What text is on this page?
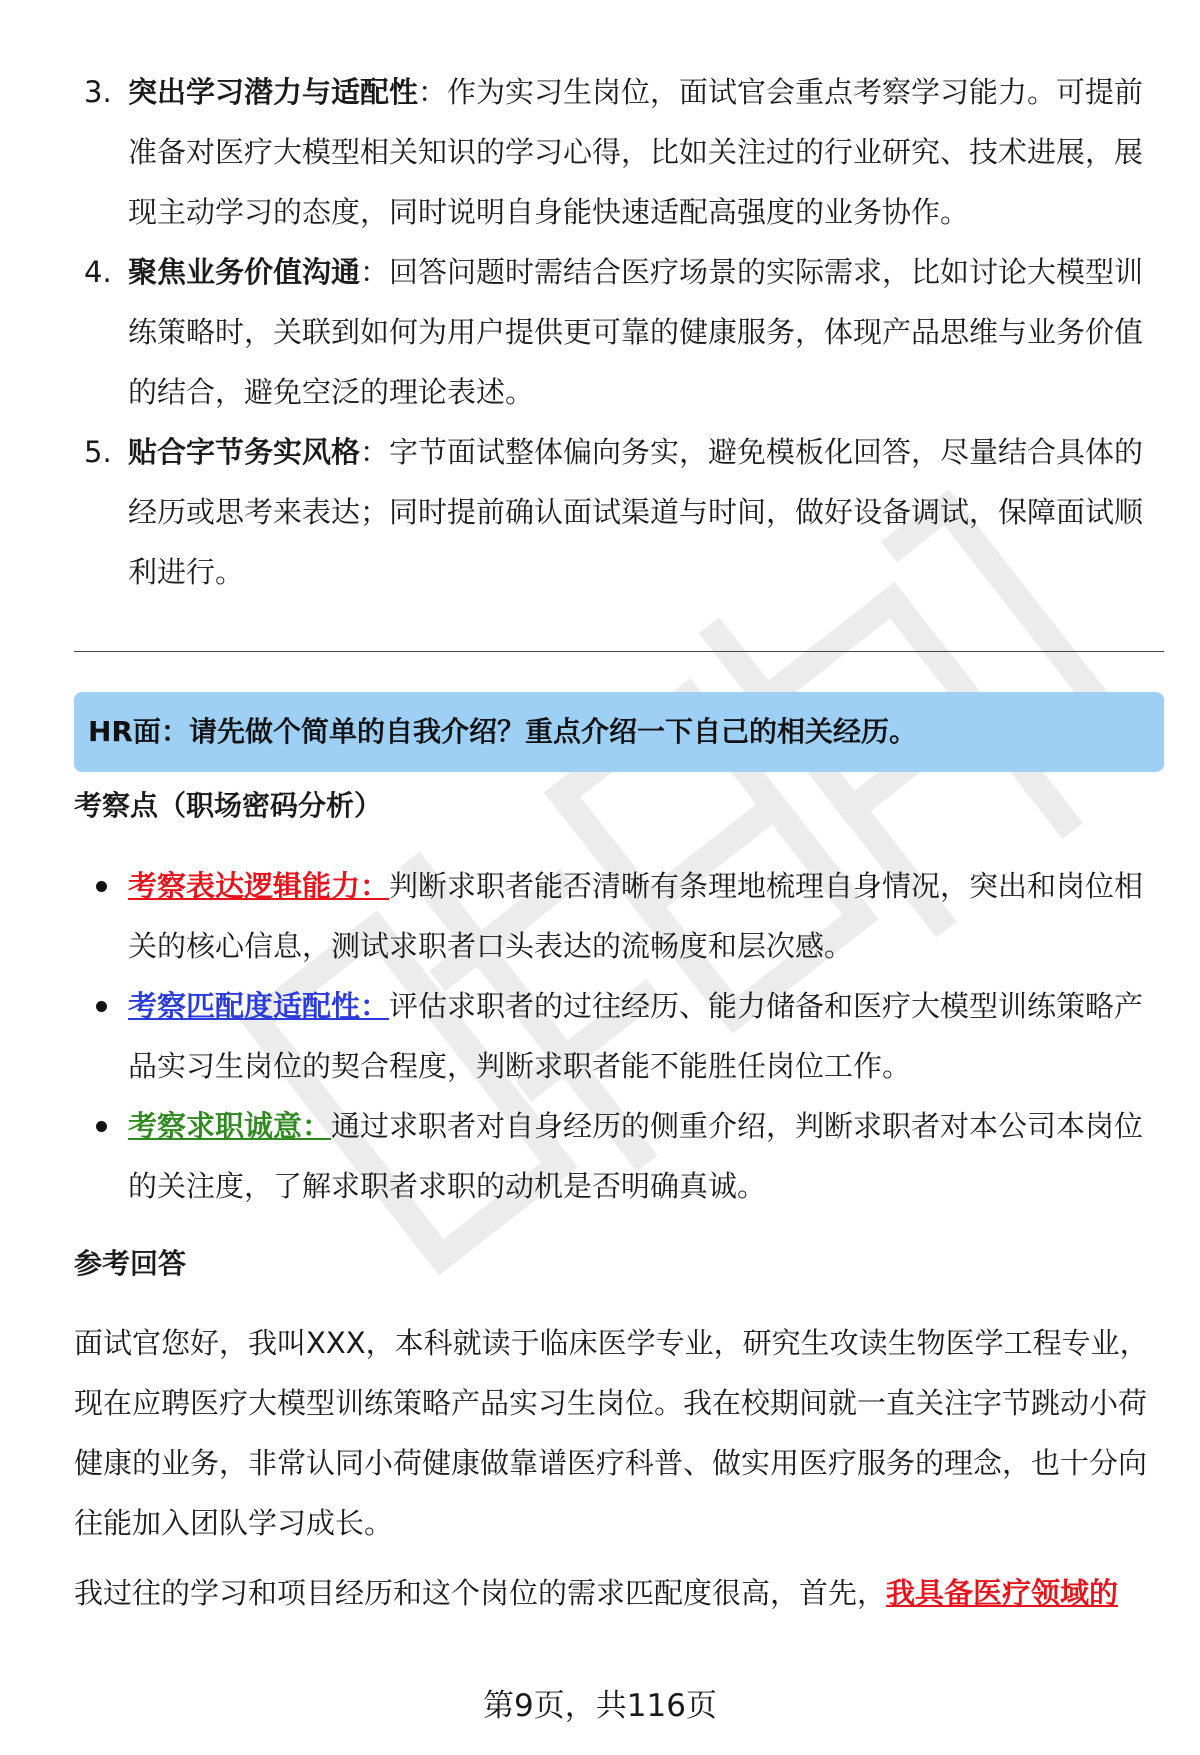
3. 突出学习潜力与适配性：作为实习生岗位，面试官会重点考察学习能力。可提前准备对医疗大模型相关知识的学习心得，比如关注过的行业研究、技术进展，展现主动学习的态度，同时说明自身能快速适配高强度的业务协作。
4. 聚焦业务价值沟通：回答问题时需结合医疗场景的实际需求，比如讨论大模型训练策略时，关联到如何为用户提供更可靠的健康服务，体现产品思维与业务价值的结合，避免空泛的理论表述。
5. 贴合字节务实风格：字节面试整体偏向务实，避免模板化回答，尽量结合具体的经历或思考来表达；同时提前确认面试渠道与时间，做好设备调试，保障面试顺利进行。
HR面：请先做个简单的自我介绍？重点介绍一下自己的相关经历。
考察点（职场密码分析）
考察表达逻辑能力：判断求职者能否清晰有条理地梳理自身情况，突出和岗位相关的核心信息，测试求职者口头表达的流畅度和层次感。
考察匹配度适配性：评估求职者的过往经历、能力储备和医疗大模型训练策略产品实习生岗位的契合程度，判断求职者能不能胜任岗位工作。
考察求职诚意：通过求职者对自身经历的侧重介绍，判断求职者对本公司本岗位的关注度，了解求职者求职的动机是否明确真诚。
参考回答

面试官您好，我叫XXX，本科就读于临床医学专业，研究生攻读生物医学工程专业，现在应聘医疗大模型训练策略产品实习生岗位。我在校期间就一直关注字节跳动小荷健康的业务，非常认同小荷健康做靠谱医疗科普、做实用医疗服务的理念，也十分向往能加入团队学习成长。

我过往的学习和项目经历和这个岗位的需求匹配度很高，首先，我具备医疗领域的

第9页，共116页
